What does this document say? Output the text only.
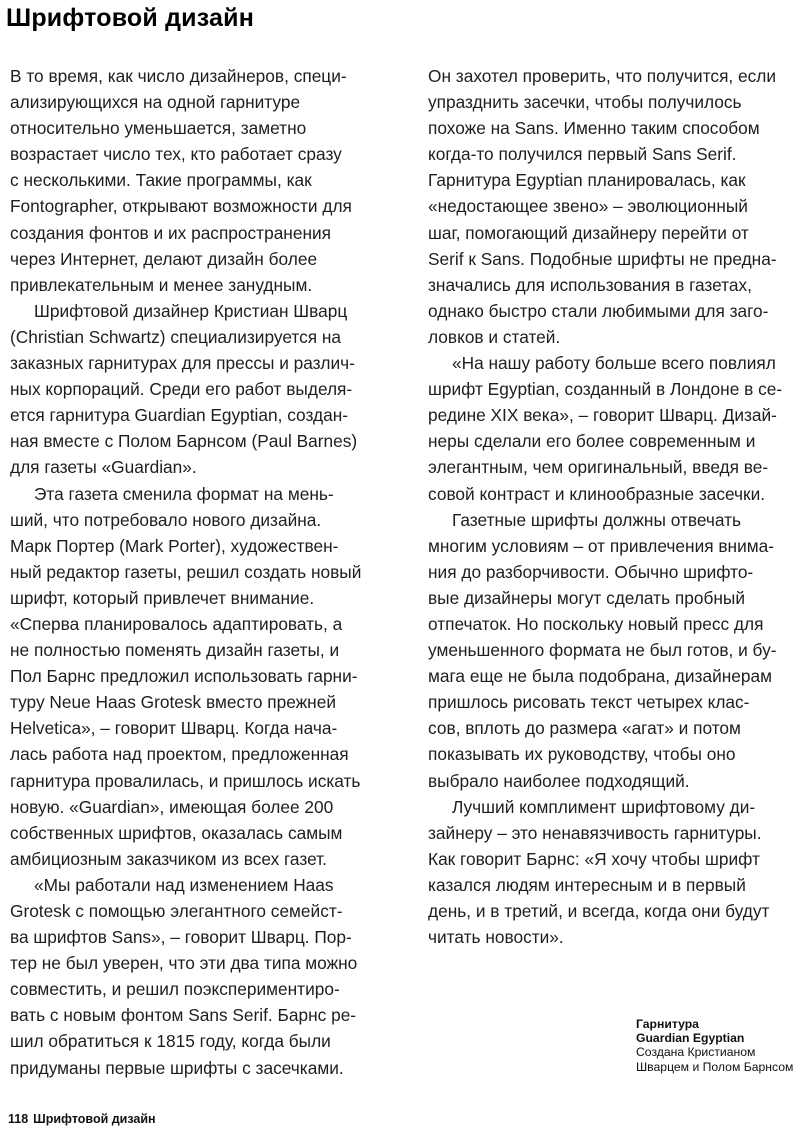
Шрифтовой дизайн
В то время, как число дизайнеров, специ-
ализирующихся на одной гарнитуре
относительно уменьшается, заметно
возрастает число тех, кто работает сразу
с несколькими. Такие программы, как
Fontographer, открывают возможности для
создания фонтов и их распространения
через Интернет, делают дизайн более
привлекательным и менее занудным.
Шрифтовой дизайнер Кристиан Шварц
(Christian Schwartz) специализируется на
заказных гарнитурах для прессы и различ-
ных корпораций. Среди его работ выделя-
ется гарнитура Guardian Egyptian, создан-
ная вместе с Полом Барнсом (Paul Barnes)
для газеты «Guardian».
Эта газета сменила формат на мень-
ший, что потребовало нового дизайна.
Марк Портер (Mark Porter), художествен-
ный редактор газеты, решил создать новый
шрифт, который привлечет внимание.
«Сперва планировалось адаптировать, а
не полностью поменять дизайн газеты, и
Пол Барнс предложил использовать гарни-
туру Neue Haas Grotesk вместо прежней
Helvetica», – говорит Шварц. Когда нача-
лась работа над проектом, предложенная
гарнитура провалилась, и пришлось искать
новую. «Guardian», имеющая более 200
собственных шрифтов, оказалась самым
амбициозным заказчиком из всех газет.
«Мы работали над изменением Haas
Grotesk с помощью элегантного семейст-
ва шрифтов Sans», – говорит Шварц. Пор-
тер не был уверен, что эти два типа можно
совместить, и решил поэкспериментиро-
вать с новым фонтом Sans Serif. Барнс ре-
шил обратиться к 1815 году, когда были
придуманы первые шрифты с засечками.
Он захотел проверить, что получится, если
упразднить засечки, чтобы получилось
похоже на Sans. Именно таким способом
когда-то получился первый Sans Serif.
Гарнитура Egyptian планировалась, как
«недостающее звено» – эволюционный
шаг, помогающий дизайнеру перейти от
Serif к Sans. Подобные шрифты не предна-
значались для использования в газетах,
однако быстро стали любимыми для заго-
ловков и статей.
«На нашу работу больше всего повлиял
шрифт Egyptian, созданный в Лондоне в се-
редине XIX века», – говорит Шварц. Дизай-
неры сделали его более современным и
элегантным, чем оригинальный, введя ве-
совой контраст и клинообразные засечки.
Газетные шрифты должны отвечать
многим условиям – от привлечения внима-
ния до разборчивости. Обычно шрифто-
вые дизайнеры могут сделать пробный
отпечаток. Но поскольку новый пресс для
уменьшенного формата не был готов, и бу-
мага еще не была подобрана, дизайнерам
пришлось рисовать текст четырех клас-
сов, вплоть до размера «агат» и потом
показывать их руководству, чтобы оно
выбрало наиболее подходящий.
Лучший комплимент шрифтовому ди-
зайнеру – это ненавязчивость гарнитуры.
Как говорит Барнс: «Я хочу чтобы шрифт
казался людям интересным и в первый
день, и в третий, и всегда, когда они будут
читать новости».
Гарнитура
Guardian Egyptian
Создана Кристианом
Шварцем и Полом Барнсом
118 Шрифтовой дизайн
